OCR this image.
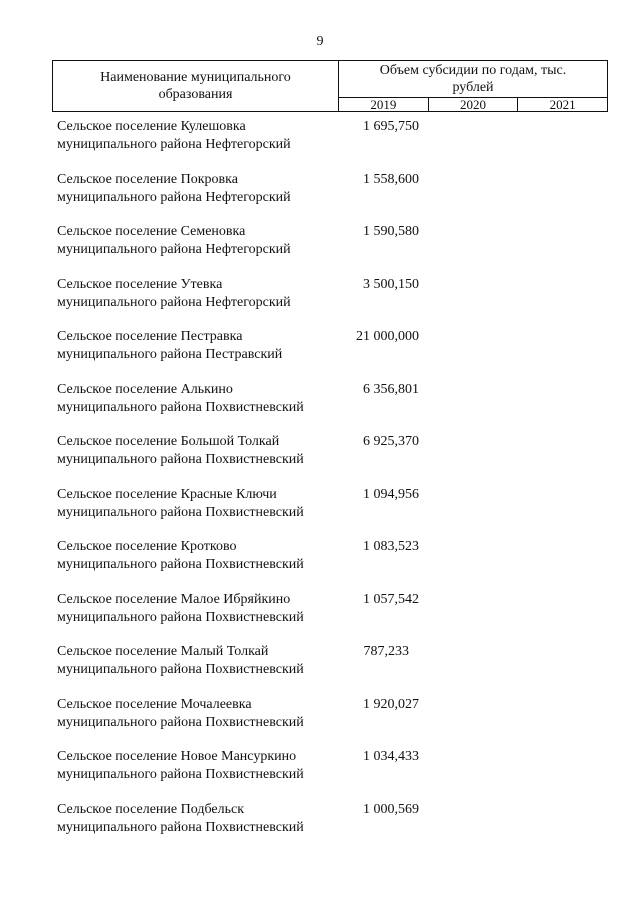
9
Наименование муниципального образования
Объем субсидии по годам, тыс. рублей
2019	2020	2021
Сельское поселение Кулешовка
муниципального района Нефтегорский
1 695,750
Сельское поселение Покровка
муниципального района Нефтегорский
1 558,600
Сельское поселение Семеновка
муниципального района Нефтегорский
1 590,580
Сельское поселение Утевка
муниципального района Нефтегорский
3 500,150
Сельское поселение Пестравка
муниципального района Пестравский
21 000,000
Сельское поселение Алькино
муниципального района Похвистневский
6 356,801
Сельское поселение Большой Толкай
муниципального района Похвистневский
6 925,370
Сельское поселение Красные Ключи
муниципального района Похвистневский
1 094,956
Сельское поселение Кротково
муниципального района Похвистневский
1 083,523
Сельское поселение Малое Ибряйкино
муниципального района Похвистневский
1 057,542
Сельское поселение Малый Толкай
муниципального района Похвистневский
787,233
Сельское поселение Мочалеевка
муниципального района Похвистневский
1 920,027
Сельское поселение Новое Мансуркино
муниципального района Похвистневский
1 034,433
Сельское поселение Подбельск
муниципального района Похвистневский
1 000,569
